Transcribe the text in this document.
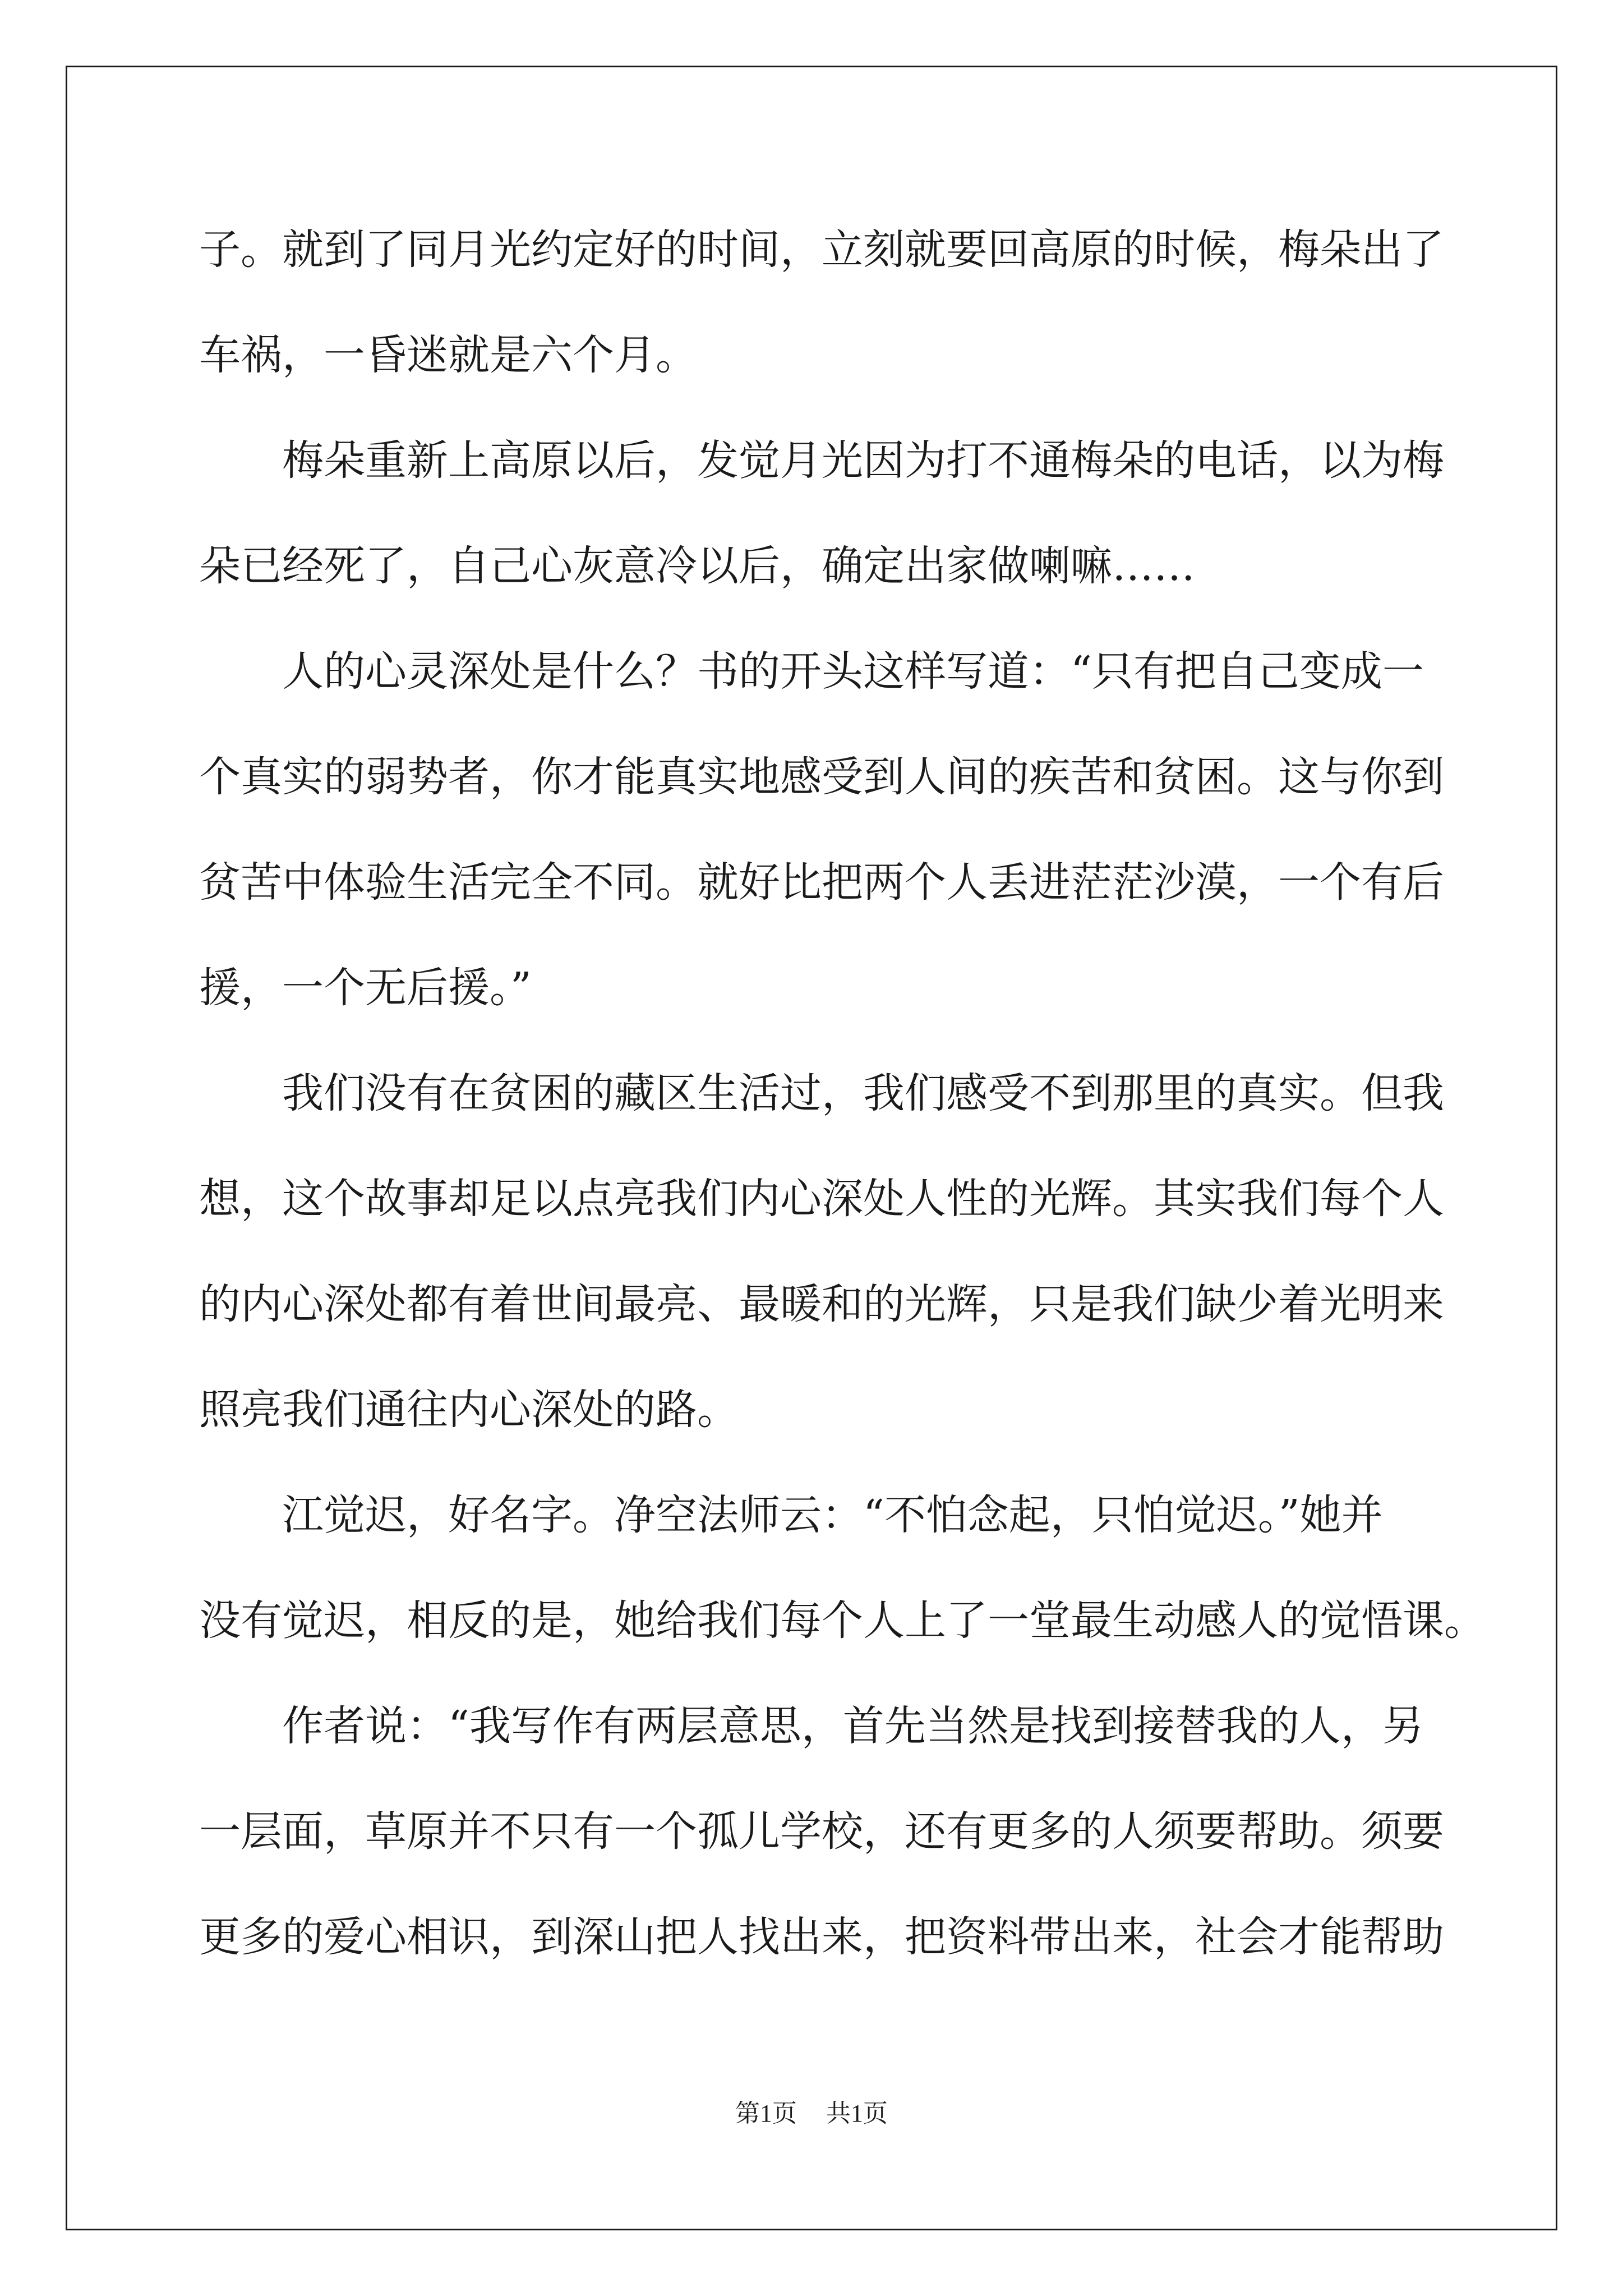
子。就到了同月光约定好的时间，立刻就要回高原的时候，梅朵出了
车祸，一昏迷就是六个月。
梅朵重新上高原以后，发觉月光因为打不通梅朵的电话，以为梅
朵已经死了，自己心灰意冷以后，确定出家做喇嘛……
人的心灵深处是什么？书的开头这样写道：“只有把自己变成一
个真实的弱势者，你才能真实地感受到人间的疾苦和贫困。这与你到
贫苦中体验生活完全不同。就好比把两个人丢进茫茫沙漠，一个有后
援，一个无后援。”
我们没有在贫困的藏区生活过，我们感受不到那里的真实。但我
想，这个故事却足以点亮我们内心深处人性的光辉。其实我们每个人
的内心深处都有着世间最亮、最暖和的光辉，只是我们缺少着光明来
照亮我们通往内心深处的路。
江觉迟，好名字。净空法师云：“不怕念起，只怕觉迟。”她并
没有觉迟，相反的是，她给我们每个人上了一堂最生动感人的觉悟课。
作者说：“我写作有两层意思，首先当然是找到接替我的人，另
一层面，草原并不只有一个孤儿学校，还有更多的人须要帮助。须要
更多的爱心相识，到深山把人找出来，把资料带出来，社会才能帮助
第1页 共1页
